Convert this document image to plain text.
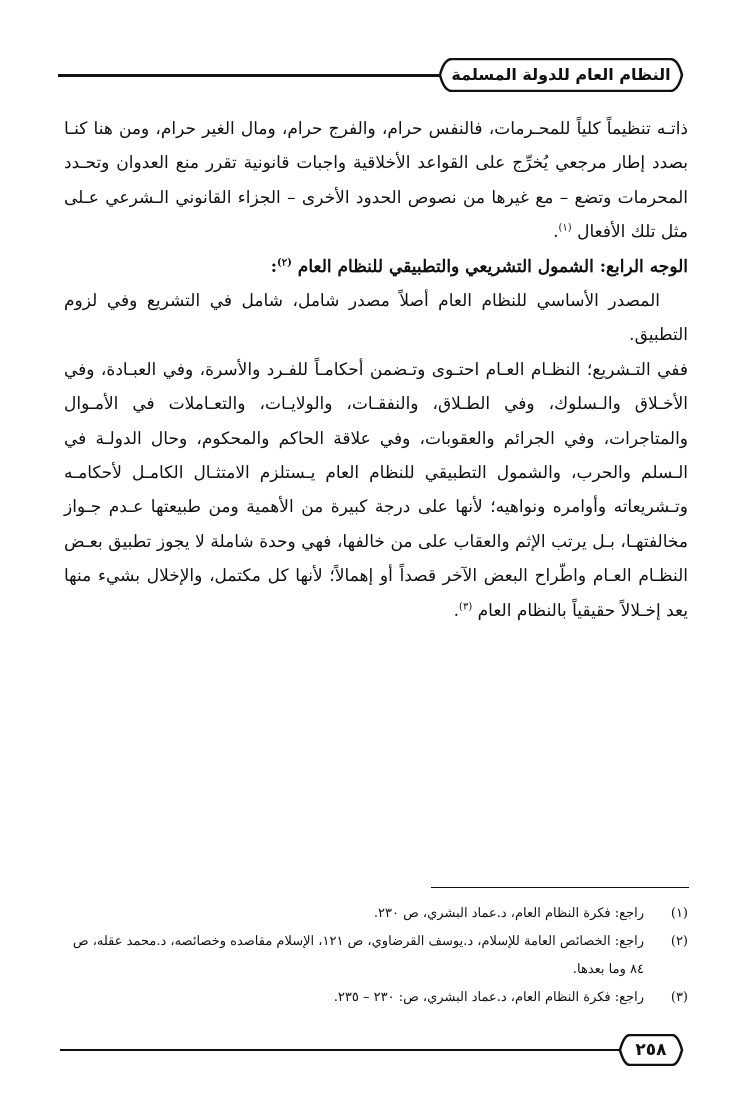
النظام العام للدولة المسلمة

ذاتـه تنظيماً كلياً للمحـرمات، فالنفس حرام، والفرج حرام، ومال الغير حرام، ومن هنا كنـا بصدد إطار مرجعي يُخرِّج على القواعد الأخلاقية واجبات قانونية تقرر منع العدوان وتحـدد المحرمات وتضع – مع غيرها من نصوص الحدود الأخرى – الجزاء القانوني الـشرعي عـلى مثل تلك الأفعال $^{(١)}$.

الوجه الرابع: الشمول التشريعي والتطبيقي للنظام العام $^{(٢)}$:

المصدر الأساسي للنظام العام أصلاً مصدر شامل، شامل في التشريع وفي لزوم التطبيق.

ففي التـشريع؛ النظـام العـام احتـوى وتـضمن أحكامـاً للفـرد والأسرة، وفي العبـادة، وفي الأخـلاق والـسلوك، وفي الطـلاق، والنفقـات، والولايـات، والتعـاملات في الأمـوال والمتاجرات، وفي الجرائم والعقوبات، وفي علاقة الحاكم والمحكوم، وحال الدولـة في الـسلم والحرب، والشمول التطبيقي للنظام العام يـستلزم الامتثـال الكامـل لأحكامـه وتـشريعاته وأوامره ونواهيه؛ لأنها على درجة كبيرة من الأهمية ومن طبيعتها عـدم جـواز مخالفتهـا، بـل يرتب الإثم والعقاب على من خالفها، فهي وحدة شاملة لا يجوز تطبيق بعـض النظـام العـام واطّراح البعض الآخر قصداً أو إهمالاً؛ لأنها كل مكتمل، والإخلال بشيء منها يعد إخـلالاً حقيقياً بالنظام العام $^{(٣)}$.

(١)
راجع: فكرة النظام العام، د.عماد البشري، ص ٢٣٠.

(٢)
راجع: الخصائص العامة للإسلام، د.يوسف القرضاوي، ص ١٢١، الإسلام مقاصده وخصائصه، د.محمد عقله، ص ٨٤ وما بعدها.

(٣)
راجع: فكرة النظام العام، د.عماد البشري، ص: ٢٣٠ – ٢٣٥.

٢٥٨
